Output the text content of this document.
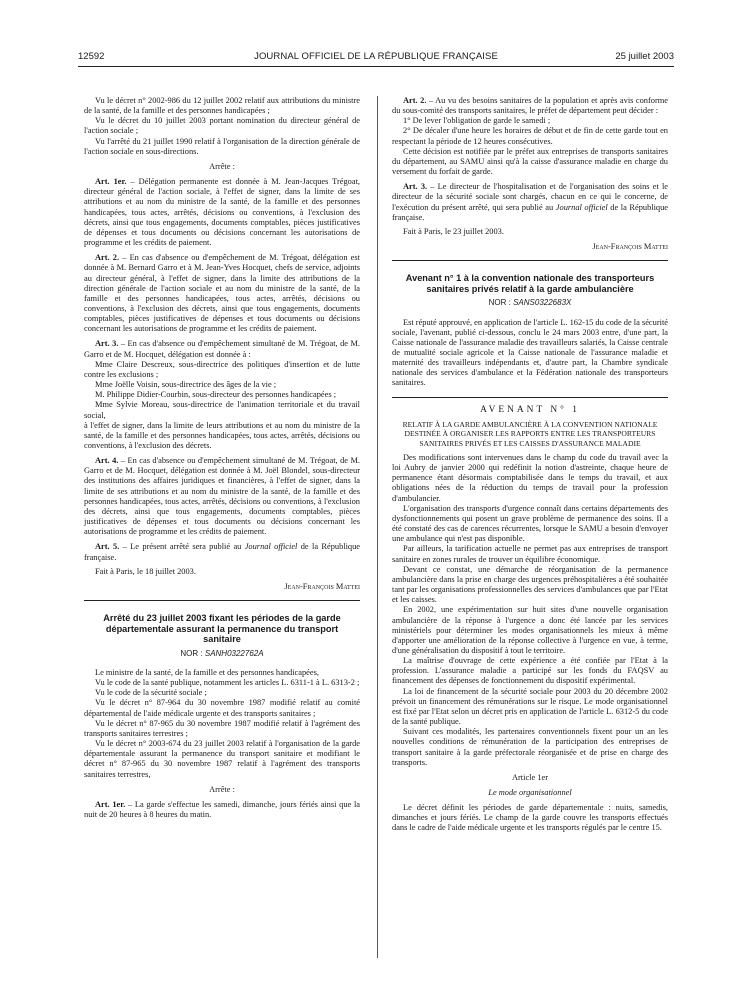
12592	JOURNAL OFFICIEL DE LA RÉPUBLIQUE FRANÇAISE	25 juillet 2003

Vu le décret n° 2002-986 du 12 juillet 2002 relatif aux attributions du ministre de la santé, de la famille et des personnes handicapées ;

Vu le décret du 10 juillet 2003 portant nomination du directeur général de l'action sociale ;

Vu l'arrêté du 21 juillet 1990 relatif à l'organisation de la direction générale de l'action sociale en sous-directions.

Arrête :

Art. 1er. – Délégation permanente est donnée à M. Jean-Jacques Trégoat, directeur général de l'action sociale, à l'effet de signer, dans la limite de ses attributions et au nom du ministre de la santé, de la famille et des personnes handicapées, tous actes, arrêtés, décisions ou conventions, à l'exclusion des décrets, ainsi que tous engagements, documents comptables, pièces justificatives de dépenses et tous documents ou décisions concernant les autorisations de programme et les crédits de paiement.

Art. 2. – En cas d'absence ou d'empêchement de M. Trégoat, délégation est donnée à M. Bernard Garro et à M. Jean-Yves Hocquet, chefs de service, adjoints au directeur général, à l'effet de signer, dans la limite des attributions de la direction générale de l'action sociale et au nom du ministre de la santé, de la famille et des personnes handicapées, tous actes, arrêtés, décisions ou conventions, à l'exclusion des décrets, ainsi que tous engagements, documents comptables, pièces justificatives de dépenses et tous documents ou décisions concernant les autorisations de programme et les crédits de paiement.

Art. 3. – En cas d'absence ou d'empêchement simultané de M. Trégoat, de M. Garro et de M. Hocquet, délégation est donnée à :

Mme Claire Descreux, sous-directrice des politiques d'insertion et de lutte contre les exclusions ;

Mme Joëlle Voisin, sous-directrice des âges de la vie ;

M. Philippe Didier-Courbin, sous-directeur des personnes handicapées ;

Mme Sylvie Moreau, sous-directrice de l'animation territoriale et du travail social,

à l'effet de signer, dans la limite de leurs attributions et au nom du ministre de la santé, de la famille et des personnes handicapées, tous actes, arrêtés, décisions ou conventions, à l'exclusion des décrets.

Art. 4. – En cas d'absence ou d'empêchement simultané de M. Trégoat, de M. Garro et de M. Hocquet, délégation est donnée à M. Joël Blondel, sous-directeur des institutions des affaires juridiques et financières, à l'effet de signer, dans la limite de ses attributions et au nom du ministre de la santé, de la famille et des personnes handicapées, tous actes, arrêtés, décisions ou conventions, à l'exclusion des décrets, ainsi que tous engagements, documents comptables, pièces justificatives de dépenses et tous documents ou décisions concernant les autorisations de programme et les crédits de paiement.

Art. 5. – Le présent arrêté sera publié au Journal officiel de la République française.

Fait à Paris, le 18 juillet 2003.

Jean-François Mattei

Arrêté du 23 juillet 2003 fixant les périodes de la garde départementale assurant la permanence du transport sanitaire
NOR : SANH0322762A

Le ministre de la santé, de la famille et des personnes handicapées,

Vu le code de la santé publique, notamment les articles L. 6311-1 à L. 6313-2 ;

Vu le code de la sécurité sociale ;

Vu le décret n° 87-964 du 30 novembre 1987 modifié relatif au comité départemental de l'aide médicale urgente et des transports sanitaires ;

Vu le décret n° 87-965 du 30 novembre 1987 modifié relatif à l'agrément des transports sanitaires terrestres ;

Vu le décret n° 2003-674 du 23 juillet 2003 relatif à l'organisation de la garde départementale assurant la permanence du transport sanitaire et modifiant le décret n° 87-965 du 30 novembre 1987 relatif à l'agrément des transports sanitaires terrestres,

Arrête :

Art. 1er. – La garde s'effectue les samedi, dimanche, jours fériés ainsi que la nuit de 20 heures à 8 heures du matin.

Art. 2. – Au vu des besoins sanitaires de la population et après avis conforme du sous-comité des transports sanitaires, le préfet de département peut décider :

1° De lever l'obligation de garde le samedi ;

2° De décaler d'une heure les horaires de début et de fin de cette garde tout en respectant la période de 12 heures consécutives.

Cette décision est notifiée par le préfet aux entreprises de transports sanitaires du département, au SAMU ainsi qu'à la caisse d'assurance maladie en charge du versement du forfait de garde.

Art. 3. – Le directeur de l'hospitalisation et de l'organisation des soins et le directeur de la sécurité sociale sont chargés, chacun en ce qui le concerne, de l'exécution du présent arrêté, qui sera publié au Journal officiel de la République française.

Fait à Paris, le 23 juillet 2003.

Jean-François Mattei

Avenant n° 1 à la convention nationale des transporteurs sanitaires privés relatif à la garde ambulancière
NOR : SANS0322683X

Est réputé approuvé, en application de l'article L. 162-15 du code de la sécurité sociale, l'avenant, publié ci-dessous, conclu le 24 mars 2003 entre, d'une part, la Caisse nationale de l'assurance maladie des travailleurs salariés, la Caisse centrale de mutualité sociale agricole et la Caisse nationale de l'assurance maladie et maternité des travailleurs indépendants et, d'autre part, la Chambre syndicale nationale des services d'ambulance et la Fédération nationale des transporteurs sanitaires.

AVENANT N° 1
RELATIF À LA GARDE AMBULANCIÈRE À LA CONVENTION NATIONALE DESTINÉE À ORGANISER LES RAPPORTS ENTRE LES TRANSPORTEURS SANITAIRES PRIVÉS ET LES CAISSES D'ASSURANCE MALADIE

Des modifications sont intervenues dans le champ du code du travail avec la loi Aubry de janvier 2000 qui redéfinit la notion d'astreinte, chaque heure de permanence étant désormais comptabilisée dans le temps du travail, et aux obligations nées de la réduction du temps de travail pour la profession d'ambulancier.

L'organisation des transports d'urgence connaît dans certains départements des dysfonctionnements qui posent un grave problème de permanence des soins. Il a été constaté des cas de carences récurrentes, lorsque le SAMU a besoin d'envoyer une ambulance qui n'est pas disponible.

Par ailleurs, la tarification actuelle ne permet pas aux entreprises de transport sanitaire en zones rurales de trouver un équilibre économique.

Devant ce constat, une démarche de réorganisation de la permanence ambulancière dans la prise en charge des urgences préhospitalières a été souhaitée tant par les organisations professionnelles des services d'ambulances que par l'Etat et les caisses.

En 2002, une expérimentation sur huit sites d'une nouvelle organisation ambulancière de la réponse à l'urgence a donc été lancée par les services ministériels pour déterminer les modes organisationnels les mieux à même d'apporter une amélioration de la réponse collective à l'urgence en vue, à terme, d'une généralisation du dispositif à tout le territoire.

La maîtrise d'ouvrage de cette expérience a été confiée par l'Etat à la profession. L'assurance maladie a participé sur les fonds du FAQSV au financement des dépenses de fonctionnement du dispositif expérimental.

La loi de financement de la sécurité sociale pour 2003 du 20 décembre 2002 prévoit un financement des rémunérations sur le risque. Le mode organisationnel est fixé par l'Etat selon un décret pris en application de l'article L. 6312-5 du code de la santé publique.

Suivant ces modalités, les partenaires conventionnels fixent pour un an les nouvelles conditions de rémunération de la participation des entreprises de transport sanitaire à la garde préfectorale réorganisée et de prise en charge des transports.

Article 1er

Le mode organisationnel

Le décret définit les périodes de garde départementale : nuits, samedis, dimanches et jours fériés. Le champ de la garde couvre les transports effectués dans le cadre de l'aide médicale urgente et les transports régulés par le centre 15.
